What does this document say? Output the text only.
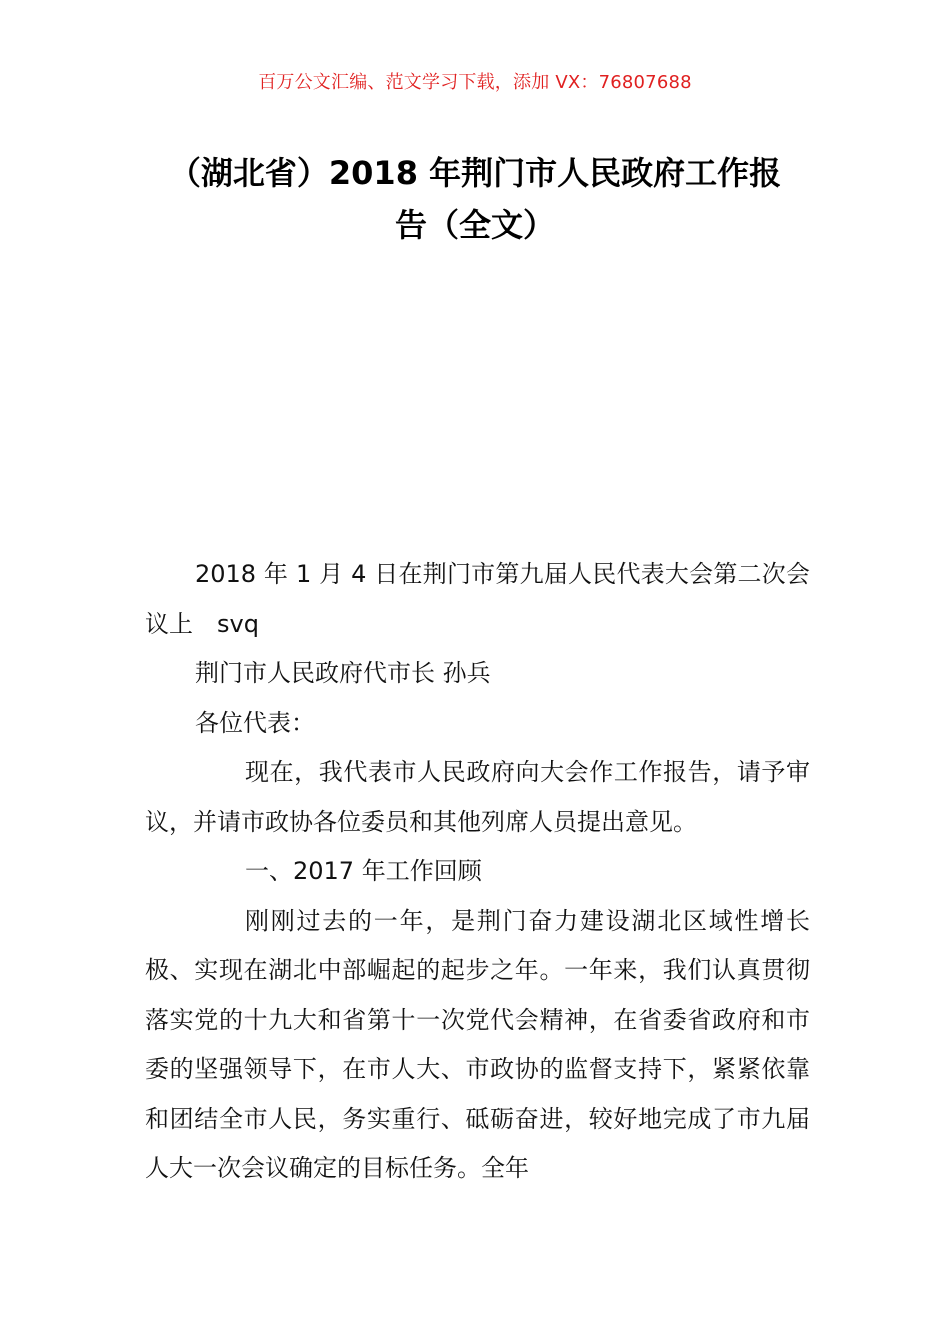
百万公文汇编、范文学习下载，添加 VX：76807688
（湖北省）2018 年荆门市人民政府工作报
告（全文）

2018 年 1 月 4 日在荆门市第九届人民代表大会第二次会议上　svq

荆门市人民政府代市长 孙兵

各位代表：

现在，我代表市人民政府向大会作工作报告，请予审议，并请市政协各位委员和其他列席人员提出意见。

一、2017 年工作回顾

刚刚过去的一年，是荆门奋力建设湖北区域性增长极、实现在湖北中部崛起的起步之年。一年来，我们认真贯彻落实党的十九大和省第十一次党代会精神，在省委省政府和市委的坚强领导下，在市人大、市政协的监督支持下，紧紧依靠和团结全市人民，务实重行、砥砺奋进，较好地完成了市九届人大一次会议确定的目标任务。全年
